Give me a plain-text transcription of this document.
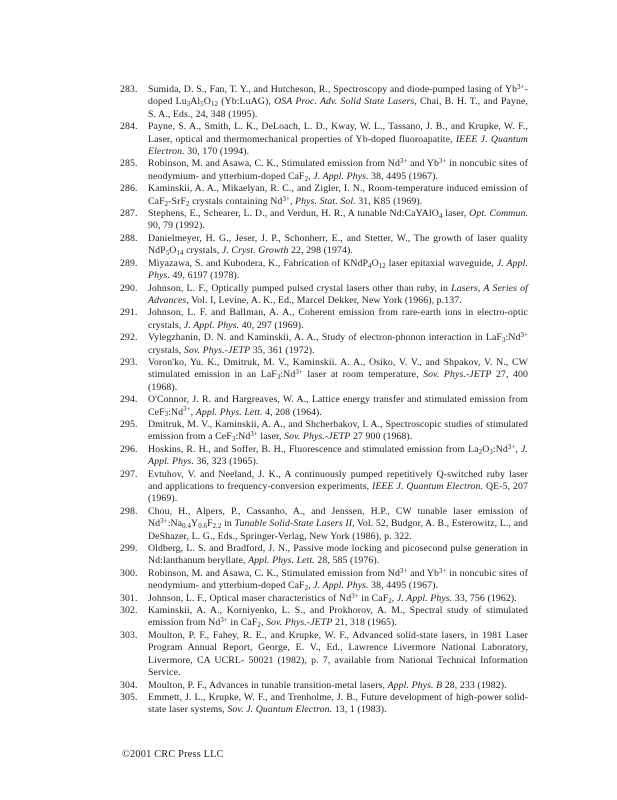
283. Sumida, D. S., Fan, T. Y., and Hutcheson, R., Spectroscopy and diode-pumped lasing of $Yb^{3+}$-doped $Lu_3Al_5O_{12}$ (Yb:LuAG), OSA Proc. Adv. Solid State Lasers, Chai, B. H. T., and Payne, S. A., Eds., 24, 348 (1995).
284. Payne, S. A., Smith, L. K., DeLoach, L. D., Kway, W. L., Tassano, J. B., and Krupke, W. F., Laser, optical and thermomechanical properties of Yb-doped fluoroapatite, IEEE J. Quantum Electron. 30, 170 (1994).
285. Robinson, M. and Asawa, C. K., Stimulated emission from $Nd^{3+}$ and $Yb^{3+}$ in noncubic sites of neodymium- and ytterbium-doped CaF$_2$, J. Appl. Phys. 38, 4495 (1967).
286. Kaminskii, A. A., Mikaelyan, R. C., and Zigler, I. N., Room-temperature induced emission of CaF$_2$-SrF$_2$ crystals containing $Nd^{3+}$, Phys. Stat. Sol. 31, K85 (1969).
287. Stephens, E., Schearer, L. D., and Verdun, H. R., A tunable Nd:CaYAlO$_4$ laser, Opt. Commun. 90, 79 (1992).
288. Danielmeyer, H. G., Jeser, J. P., Schonherr, E., and Stetter, W., The growth of laser quality $NdP_5O_{14}$ crystals, J. Cryst. Growth 22, 298 (1974).
289. Miyazawa, S. and Kubodera, K., Fabrication of $KNdP_4O_{12}$ laser epitaxial waveguide, J. Appl. Phys. 49, 6197 (1978).
290. Johnson, L. F., Optically pumped pulsed crystal lasers other than ruby, in Lasers, A Series of Advances, Vol. I, Levine, A. K., Ed., Marcel Dekker, New York (1966), p.137.
291. Johnson, L. F. and Ballman, A. A., Coherent emission from rare-earth ions in electro-optic crystals, J. Appl. Phys. 40, 297 (1969).
292. Vylegzhanin, D. N. and Kaminskii, A. A., Study of electron-phonon interaction in $LaF_3:Nd^{3+}$ crystals, Sov. Phys.-JETP 35, 361 (1972).
293. Voron'ko, Yu. K., Dmitruk, M. V., Kaminskii. A. A., Osiko, V. V., and Shpakov, V. N., CW stimulated emission in an $LaF_3:Nd^{3+}$ laser at room temperature, Sov. Phys.-JETP 27, 400 (1968).
294. O'Connor, J. R. and Hargreaves, W. A., Lattice energy transfer and stimulated emission from $CeF_3:Nd^{3+}$, Appl. Phys. Lett. 4, 208 (1964).
295. Dmitruk, M. V., Kaminskii, A. A., and Shcherbakov, I. A., Spectroscopic studies of stimulated emission from a $CeF_3:Nd^{3+}$ laser, Sov. Phys.-JETP 27 900 (1968).
296. Hoskins, R. H., and Soffer, B. H., Fluorescence and stimulated emission from $La_2O_3:Nd^{3+}$, J. Appl. Phys. 36, 323 (1965).
297. Evtuhov, V. and Neeland, J. K., A continuously pumped repetitively Q-switched ruby laser and applications to frequency-conversion experiments, IEEE J. Quantum Electron. QE-5, 207 (1969).
298. Chou, H., Alpers, P., Cassanho, A., and Jenssen, H.P., CW tunable laser emission of $Nd^{3+}:Na_{0.4}Y_{0.6}F_{2.2}$ in Tunable Solid-State Lasers II, Vol. 52, Budgor, A. B., Esterowitz, L., and DeShazer, L. G., Eds., Springer-Verlag, New York (1986), p. 322.
299. Oldberg, L. S. and Bradford, J. N., Passive mode locking and picosecond pulse generation in Nd:lanthanum beryllate, Appl. Phys. Lett. 28, 585 (1976).
300. Robinson, M. and Asawa, C. K., Stimulated emission from $Nd^{3+}$ and $Yb^{3+}$ in noncubic sites of neodymium- and ytterbium-doped CaF$_2$, J. Appl. Phys. 38, 4495 (1967).
301. Johnson, L. F., Optical maser characteristics of $Nd^{3+}$ in CaF$_2$, J. Appl. Phys. 33, 756 (1962).
302. Kaminskii, A. A., Korniyenko, L. S., and Prokhorov, A. M., Spectral study of stimulated emission from $Nd^{3+}$ in CaF$_2$, Sov. Phys.-JETP 21, 318 (1965).
303. Moulton, P. F., Fahey, R. E., and Krupke, W. F., Advanced solid-state lasers, in 1981 Laser Program Annual Report, George, E. V., Ed., Lawrence Livermore National Laboratory, Livermore, CA UCRL- 50021 (1982), p. 7, available from National Technical Information Service.
304. Moulton, P. F., Advances in tunable transition-metal lasers, Appl. Phys. B 28, 233 (1982).
305. Emmett, J. L., Krupke, W. F., and Trenholme, J. B., Future development of high-power solid-state laser systems, Sov. J. Quantum Electron. 13, 1 (1983).
©2001 CRC Press LLC
